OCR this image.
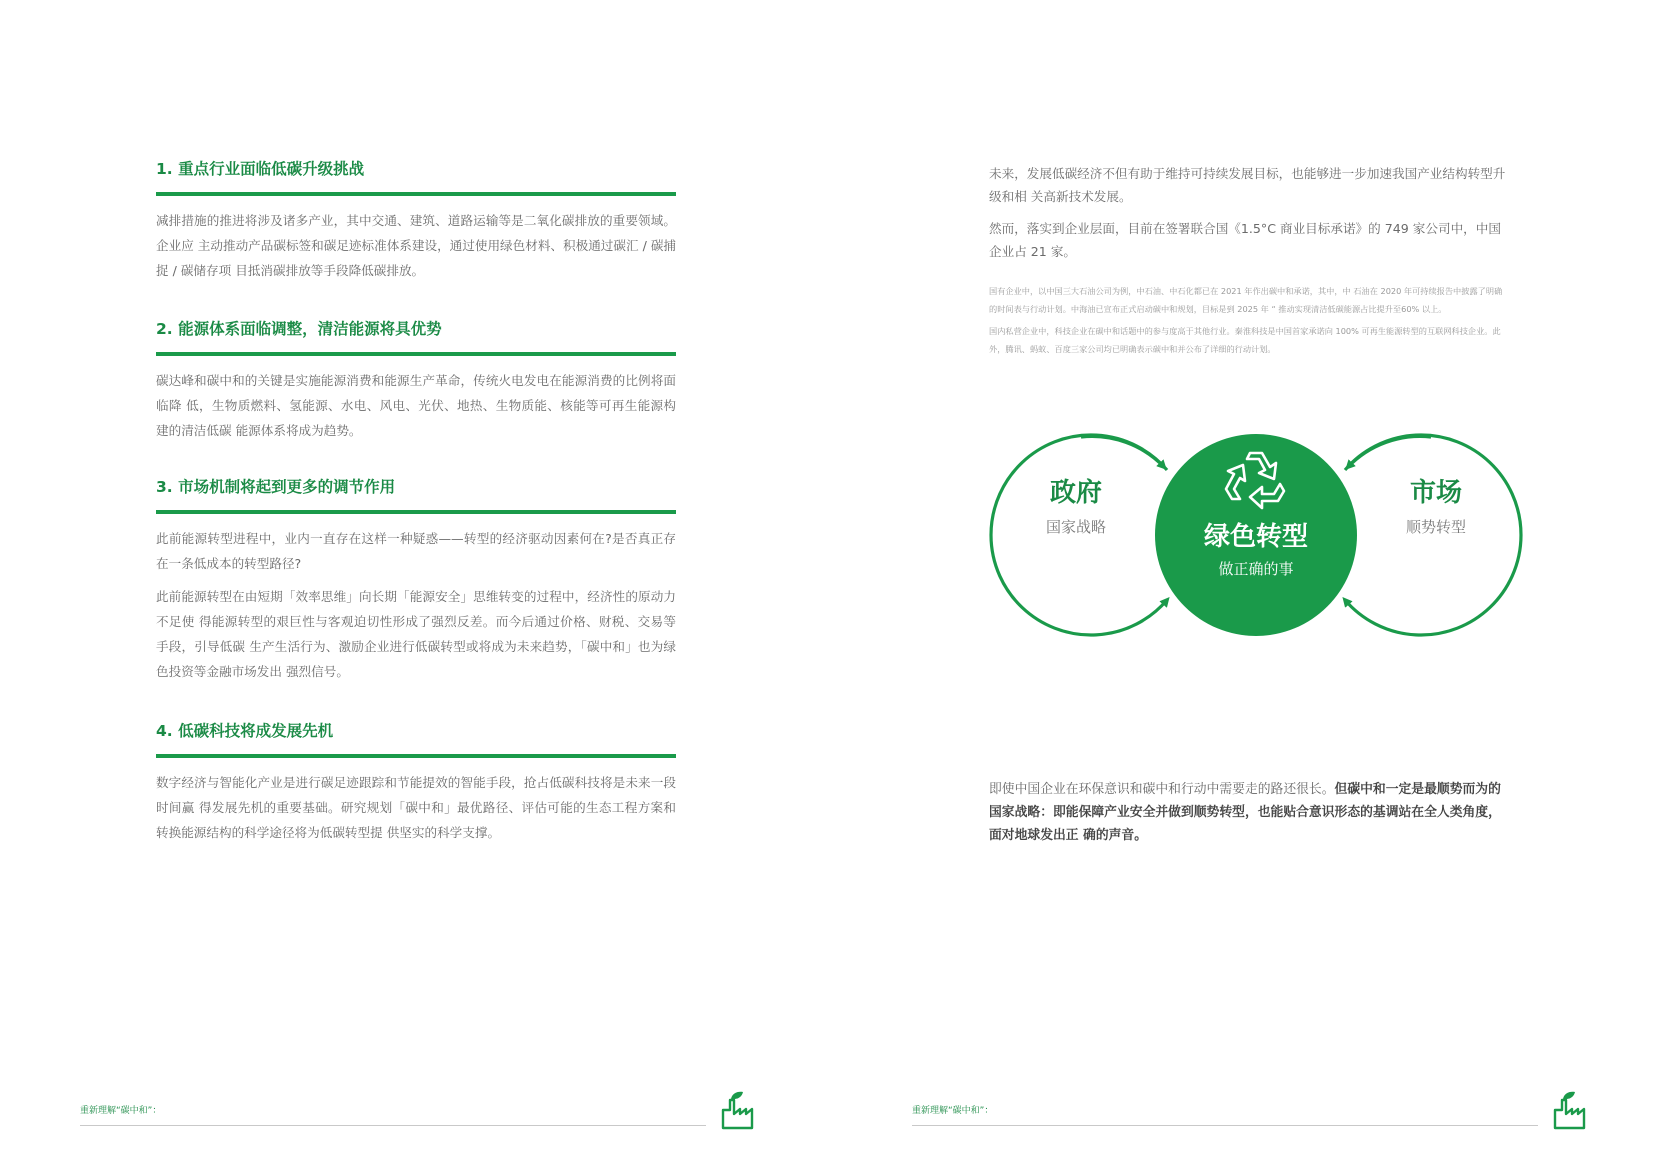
1. 重点行业面临低碳升级挑战

减排措施的推进将涉及诸多产业，其中交通、建筑、道路运输等是二氧化碳排放的重要领域。企业应 主动推动产品碳标签和碳足迹标准体系建设，通过使用绿色材料、积极通过碳汇 / 碳捕捉 / 碳储存项 目抵消碳排放等手段降低碳排放。

2. 能源体系面临调整，清洁能源将具优势

碳达峰和碳中和的关键是实施能源消费和能源生产革命，传统火电发电在能源消费的比例将面临降 低，生物质燃料、氢能源、水电、风电、光伏、地热、生物质能、核能等可再生能源构建的清洁低碳 能源体系将成为趋势。

3. 市场机制将起到更多的调节作用

此前能源转型进程中，业内一直存在这样一种疑惑——转型的经济驱动因素何在?是否真正存在一条低成本的转型路径?

此前能源转型在由短期「效率思维」向长期「能源安全」思维转变的过程中，经济性的原动力不足使 得能源转型的艰巨性与客观迫切性形成了强烈反差。而今后通过价格、财税、交易等手段，引导低碳 生产生活行为、激励企业进行低碳转型或将成为未来趋势，「碳中和」也为绿色投资等金融市场发出 强烈信号。

4. 低碳科技将成发展先机

数字经济与智能化产业是进行碳足迹跟踪和节能提效的智能手段，抢占低碳科技将是未来一段时间赢 得发展先机的重要基础。研究规划「碳中和」最优路径、评估可能的生态工程方案和转换能源结构的科学途径将为低碳转型提 供坚实的科学支撑。

重新理解“碳中和”：

未来，发展低碳经济不但有助于维持可持续发展目标，也能够进一步加速我国产业结构转型升级和相 关高新技术发展。

然而，落实到企业层面，目前在签署联合国《1.5°C 商业目标承诺》的 749 家公司中，中国企业占 21 家。

国有企业中，以中国三大石油公司为例，中石油、中石化都已在 2021 年作出碳中和承诺，其中，中 石油在 2020 年可持续报告中披露了明确的时间表与行动计划。中海油已宣布正式启动碳中和规划，目标是到 2025 年 “ 推动实现清洁低碳能源占比提升至60% 以上。

国内私营企业中，科技企业在碳中和话题中的参与度高于其他行业。秦淮科技是中国首家承诺向 100% 可再生能源转型的互联网科技企业。此外，腾讯、蚂蚁、百度三家公司均已明确表示碳中和并公布了详细的行动计划。

政府
国家战略	绿色转型
做正确的事
市场
顺势转型

即使中国企业在环保意识和碳中和行动中需要走的路还很长。但碳中和一定是最顺势而为的国家战略：即能保障产业安全并做到顺势转型，也能贴合意识形态的基调站在全人类角度，面对地球发出正 确的声音。

重新理解“碳中和”：
